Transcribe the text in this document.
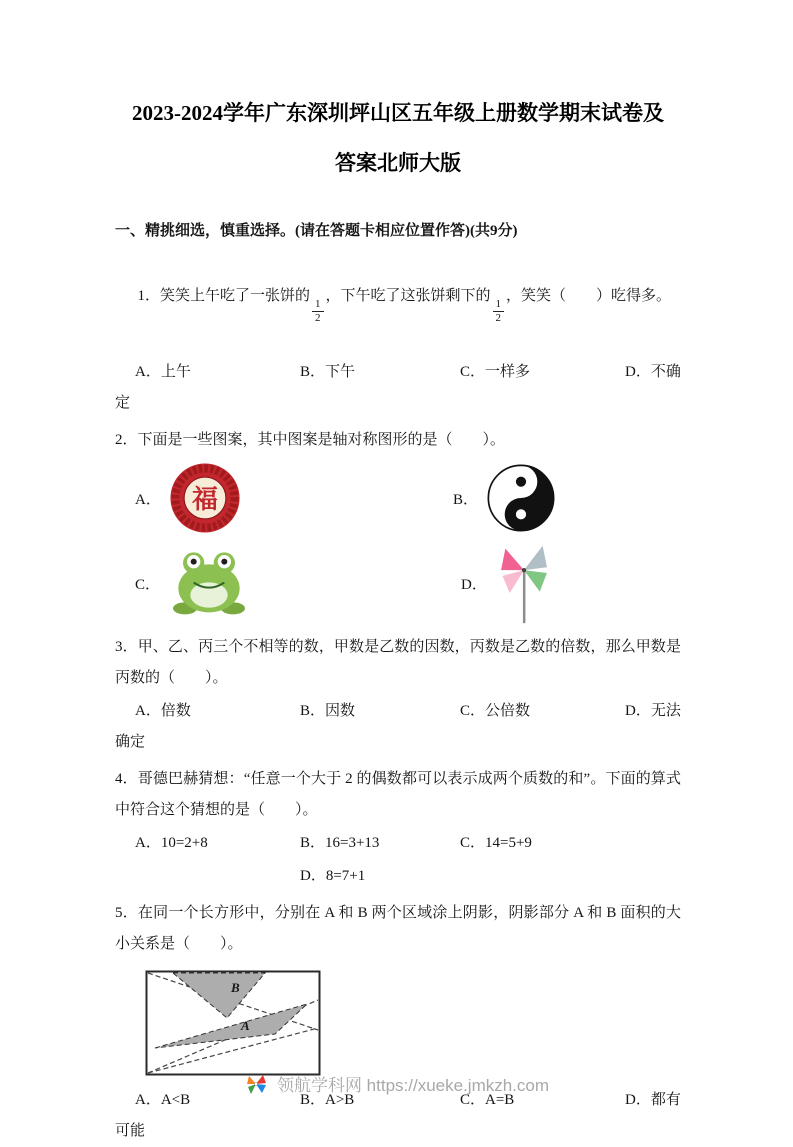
2023-2024学年广东深圳坪山区五年级上册数学期末试卷及
答案北师大版
一、精挑细选，慎重选择。(请在答题卡相应位置作答)(共9分)

1．笑笑上午吃了一张饼的
$\frac{1}{2}$
，下午吃了这张饼剩下的
$\frac{1}{2}$
，笑笑（　　）吃得多。

A．上午	B．下午	C．一样多	D．不确
定
2．下面是一些图案，其中图案是轴对称图形的是（　　）。
A． 福	B．
C．	D．
3．甲、乙、丙三个不相等的数，甲数是乙数的因数，丙数是乙数的倍数，那么甲数是丙数的（　　）。
A．倍数	B．因数	C．公倍数	D．无法
确定
4．哥德巴赫猜想：“任意一个大于 2 的偶数都可以表示成两个质数的和”。下面的算式中符合这个猜想的是（　　）。
A．10=2+8	B．16=3+13	C．14=5+9
D．8=7+1
5．在同一个长方形中，分别在 A 和 B 两个区域涂上阴影，阴影部分 A 和 B 面积的大小关系是（　　）。
B
A
A．A<B	B．A>B	C．A=B	D．都有
可能
领航学科网 https://xueke.jmkzh.com
